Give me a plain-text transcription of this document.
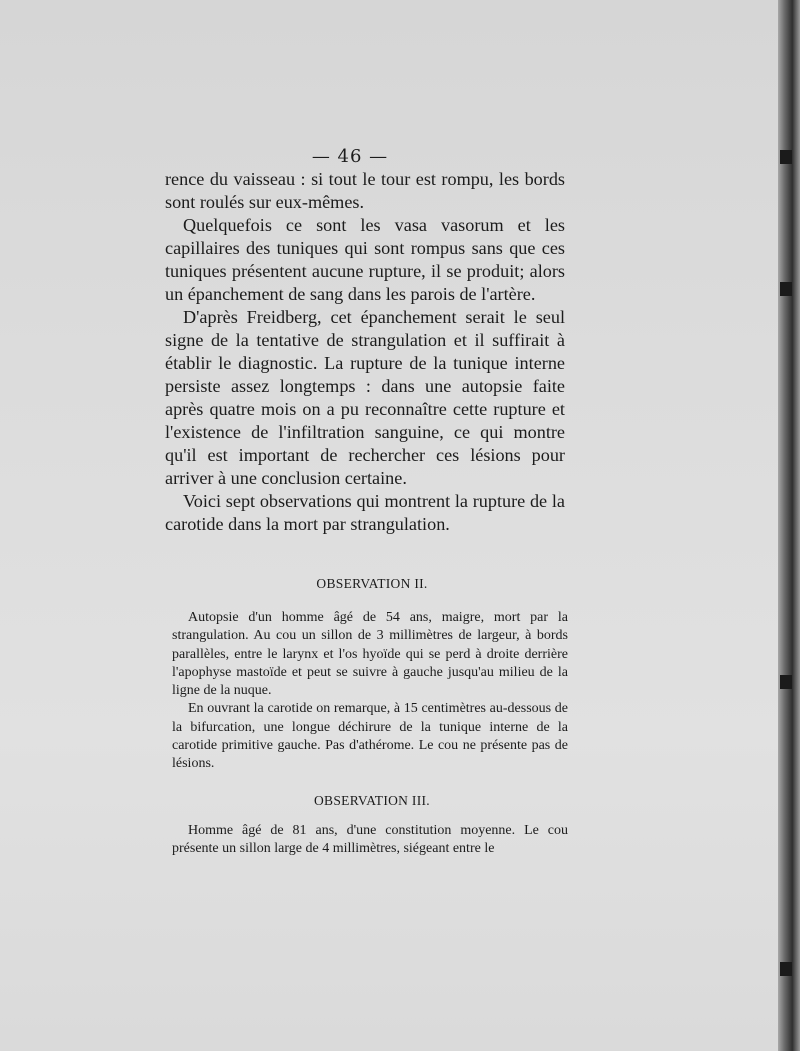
— 46 —

rence du vaisseau : si tout le tour est rompu, les bords sont roulés sur eux-mêmes.

Quelquefois ce sont les vasa vasorum et les capillaires des tuniques qui sont rompus sans que ces tuniques présentent aucune rupture, il se produit; alors un épanchement de sang dans les parois de l'artère.

D'après Freidberg, cet épanchement serait le seul signe de la tentative de strangulation et il suffirait à établir le diagnostic. La rupture de la tunique interne persiste assez longtemps : dans une autopsie faite après quatre mois on a pu reconnaître cette rupture et l'existence de l'infiltration sanguine, ce qui montre qu'il est important de rechercher ces lésions pour arriver à une conclusion certaine.

Voici sept observations qui montrent la rupture de la carotide dans la mort par strangulation.

OBSERVATION II.

Autopsie d'un homme âgé de 54 ans, maigre, mort par la strangulation. Au cou un sillon de 3 millimètres de largeur, à bords parallèles, entre le larynx et l'os hyoïde qui se perd à droite derrière l'apophyse mastoïde et peut se suivre à gauche jusqu'au milieu de la ligne de la nuque.

En ouvrant la carotide on remarque, à 15 centimètres au-dessous de la bifurcation, une longue déchirure de la tunique interne de la carotide primitive gauche. Pas d'athérome. Le cou ne présente pas de lésions.

OBSERVATION III.

Homme âgé de 81 ans, d'une constitution moyenne. Le cou présente un sillon large de 4 millimètres, siégeant entre le
